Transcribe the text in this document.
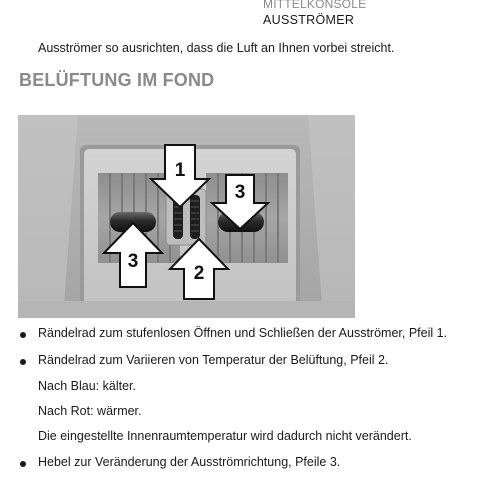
MITTELKONSOLE
AUSSTRÖMER
Ausströmer so ausrichten, dass die Luft an Ihnen vorbei streicht.
BELÜFTUNG IM FOND
1
2
3
3
Rändelrad zum stufenlosen Öffnen und Schließen der Ausströmer, Pfeil 1.
Rändelrad zum Variieren von Temperatur der Belüftung, Pfeil 2.
Nach Blau: kälter.
Nach Rot: wärmer.
Die eingestellte Innenraumtemperatur wird dadurch nicht verändert.
Hebel zur Veränderung der Ausströmrichtung, Pfeile 3.
